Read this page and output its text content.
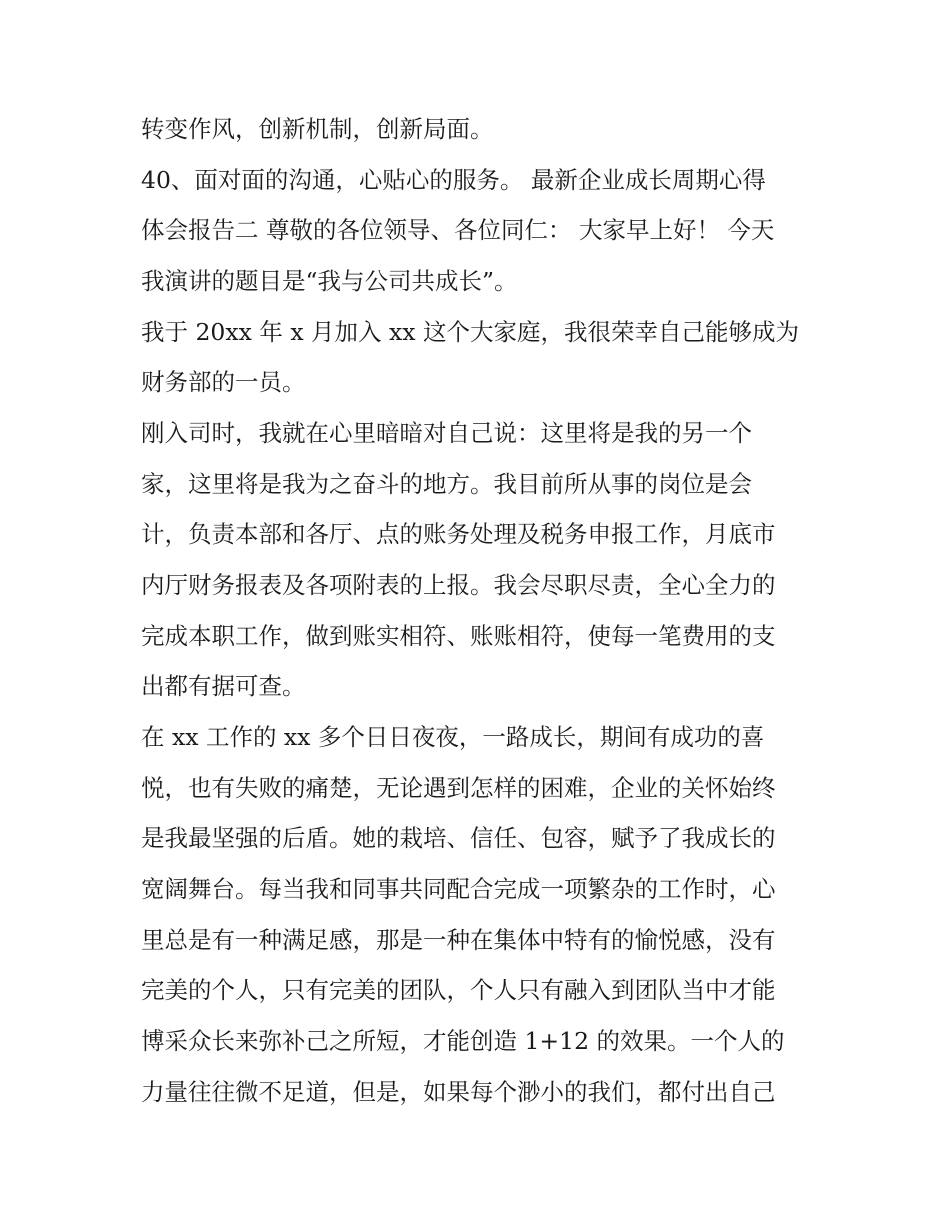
转变作风，创新机制，创新局面。
40、面对面的沟通，心贴心的服务。 最新企业成长周期心得
体会报告二 尊敬的各位领导、各位同仁： 大家早上好！ 今天
我演讲的题目是“我与公司共成长”。
我于 20xx 年 x 月加入 xx 这个大家庭，我很荣幸自己能够成为
财务部的一员。
刚入司时，我就在心里暗暗对自己说：这里将是我的另一个
家，这里将是我为之奋斗的地方。我目前所从事的岗位是会
计，负责本部和各厅、点的账务处理及税务申报工作，月底市
内厅财务报表及各项附表的上报。我会尽职尽责，全心全力的
完成本职工作，做到账实相符、账账相符，使每一笔费用的支
出都有据可查。
在 xx 工作的 xx 多个日日夜夜，一路成长，期间有成功的喜
悦，也有失败的痛楚，无论遇到怎样的困难，企业的关怀始终
是我最坚强的后盾。她的栽培、信任、包容，赋予了我成长的
宽阔舞台。每当我和同事共同配合完成一项繁杂的工作时，心
里总是有一种满足感，那是一种在集体中特有的愉悦感，没有
完美的个人，只有完美的团队，个人只有融入到团队当中才能
博采众长来弥补己之所短，才能创造 1+12 的效果。一个人的
力量往往微不足道，但是，如果每个渺小的我们，都付出自己
